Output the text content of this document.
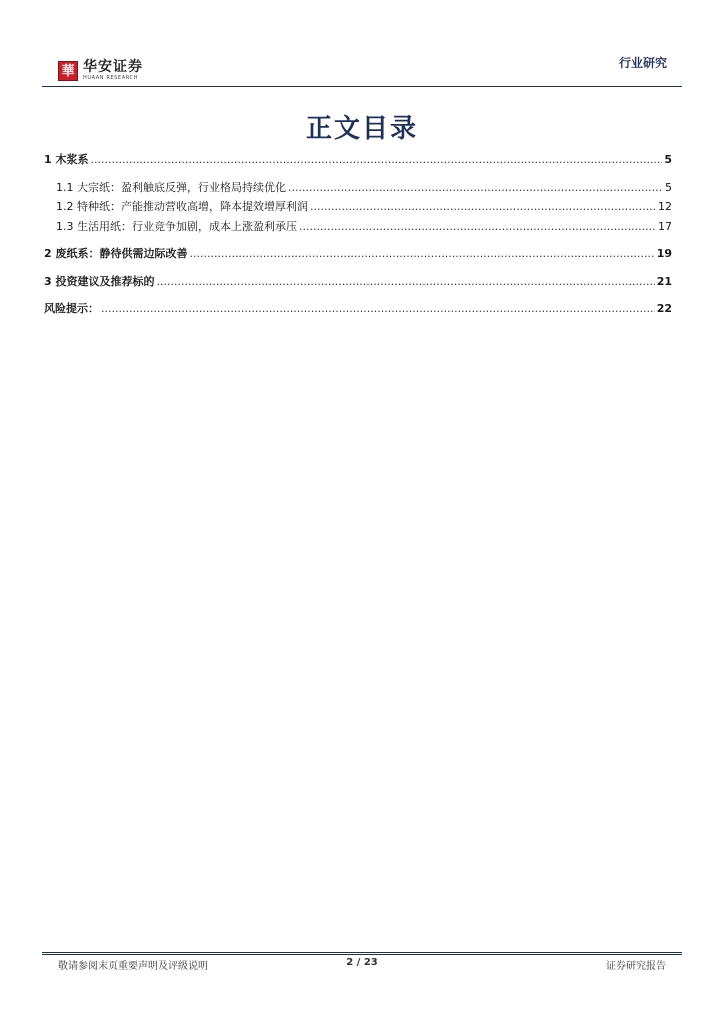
華 华安证券
HUAAN RESEARCH
行业研究
正文目录
1 木浆系 .....	5
1.1 大宗纸：盈利触底反弹，行业格局持续优化 .....	5
1.2 特种纸：产能推动营收高增，降本提效增厚利润 .....	12
1.3 生活用纸：行业竞争加剧，成本上涨盈利承压 .....	17
2 废纸系：静待供需边际改善 .....	19
3 投资建议及推荐标的 .....	21
风险提示： .....	22
敬请参阅末页重要声明及评级说明	2 / 23	证券研究报告
